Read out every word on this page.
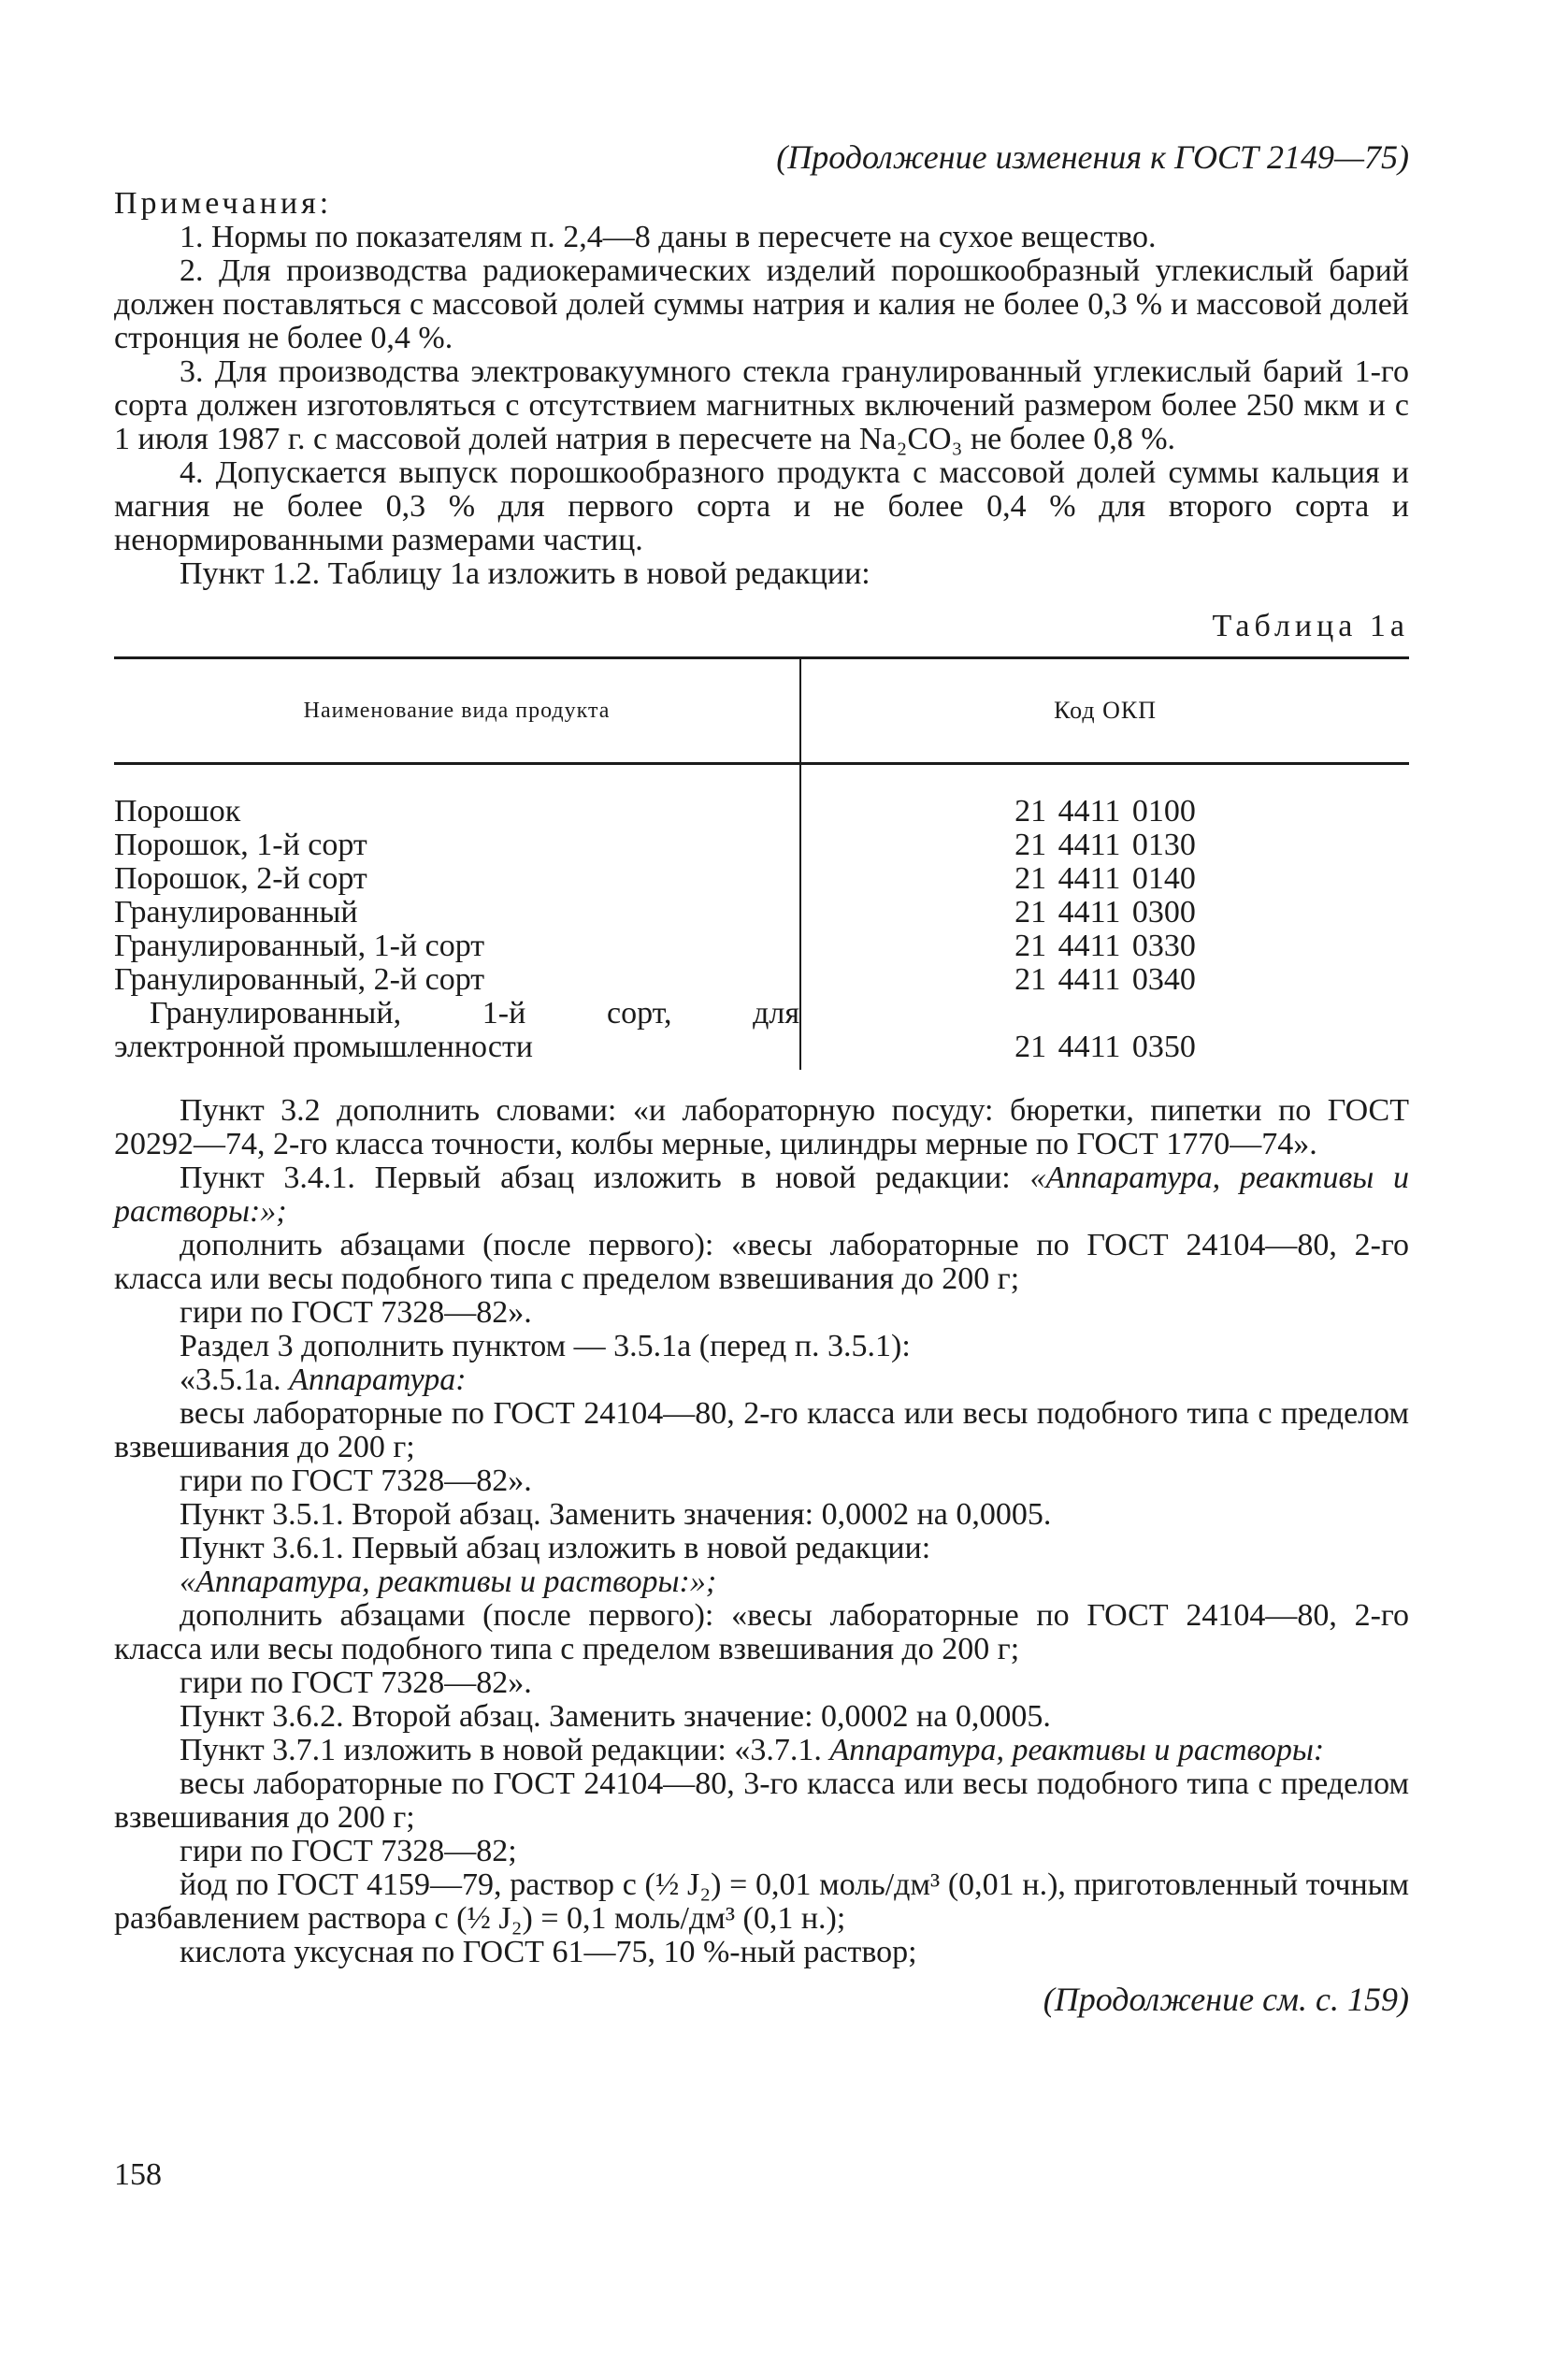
(Продолжение изменения к ГОСТ 2149—75)
Примечания:

1. Нормы по показателям п. 2,4—8 даны в пересчете на сухое вещество.

2. Для производства радиокерамических изделий порошкообразный углекислый барий должен поставляться с массовой долей суммы натрия и калия не более 0,3 % и массовой долей стронция не более 0,4 %.

3. Для производства электровакуумного стекла гранулированный углекислый барий 1-го сорта должен изготовляться с отсутствием магнитных включений размером более 250 мкм и с 1 июля 1987 г. с массовой долей натрия в пересчете на Na₂CO₃ не более 0,8 %.

4. Допускается выпуск порошкообразного продукта с массовой долей суммы кальция и магния не более 0,3 % для первого сорта и не более 0,4 % для второго сорта и ненормированными размерами частиц.

Пункт 1.2. Таблицу 1а изложить в новой редакции:

Таблица 1а
Наименование вида продукта	Код ОКП
Порошок	21 4411 0100
Порошок, 1-й сорт	21 4411 0130
Порошок, 2-й сорт	21 4411 0140
Гранулированный	21 4411 0300
Гранулированный, 1-й сорт	21 4411 0330
Гранулированный, 2-й сорт	21 4411 0340

Гранулированный, 1-й сорт, для
электронной промышленности	21 4411 0350

Пункт 3.2 дополнить словами: «и лабораторную посуду: бюретки, пипетки по ГОСТ 20292—74, 2-го класса точности, колбы мерные, цилиндры мерные по ГОСТ 1770—74».

Пункт 3.4.1. Первый абзац изложить в новой редакции: «Аппаратура, реактивы и растворы:»;

дополнить абзацами (после первого): «весы лабораторные по ГОСТ 24104—80, 2-го класса или весы подобного типа с пределом взвешивания до 200 г;

гири по ГОСТ 7328—82».

Раздел 3 дополнить пунктом — 3.5.1а (перед п. 3.5.1):

«3.5.1а. Аппаратура:

весы лабораторные по ГОСТ 24104—80, 2-го класса или весы подобного типа с пределом взвешивания до 200 г;

гири по ГОСТ 7328—82».

Пункт 3.5.1. Второй абзац. Заменить значения: 0,0002 на 0,0005.

Пункт 3.6.1. Первый абзац изложить в новой редакции:

«Аппаратура, реактивы и растворы:»;

дополнить абзацами (после первого): «весы лабораторные по ГОСТ 24104—80, 2-го класса или весы подобного типа с пределом взвешивания до 200 г;

гири по ГОСТ 7328—82».

Пункт 3.6.2. Второй абзац. Заменить значение: 0,0002 на 0,0005.

Пункт 3.7.1 изложить в новой редакции: «3.7.1. Аппаратура, реактивы и растворы:

весы лабораторные по ГОСТ 24104—80, 3-го класса или весы подобного типа с пределом взвешивания до 200 г;

гири по ГОСТ 7328—82;

йод по ГОСТ 4159—79, раствор с (½ J₂) = 0,01 моль/дм³ (0,01 н.), приготовленный точным разбавлением раствора с (½ J₂) = 0,1 моль/дм³ (0,1 н.);

кислота уксусная по ГОСТ 61—75, 10 %-ный раствор;

(Продолжение см. с. 159)
158
